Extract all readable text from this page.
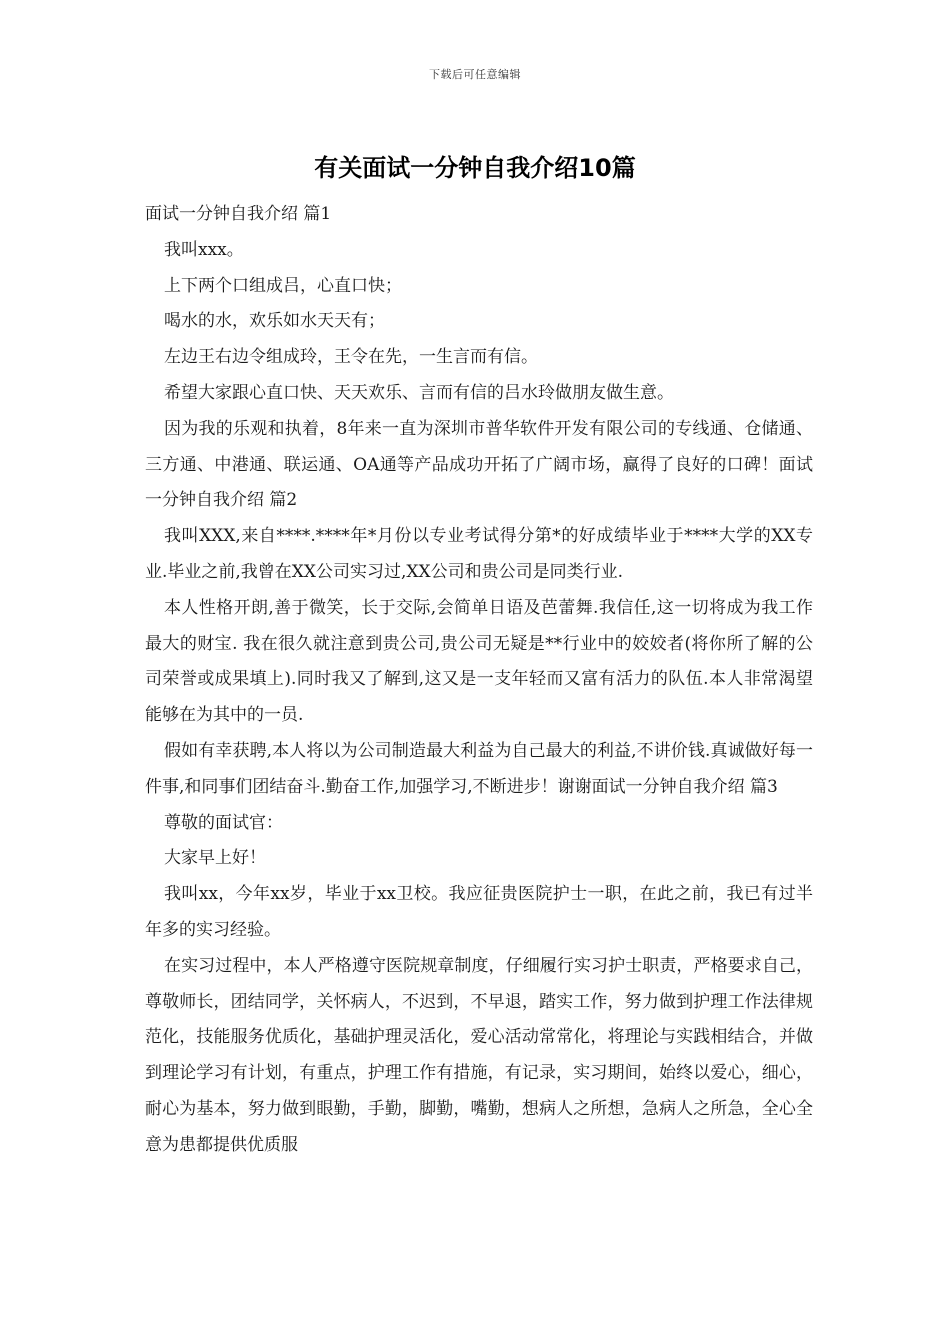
下载后可任意编辑
有关面试一分钟自我介绍10篇

面试一分钟自我介绍 篇1

我叫xxx。

上下两个口组成吕，心直口快；

喝水的水，欢乐如水天天有；

左边王右边令组成玲，王令在先，一生言而有信。

希望大家跟心直口快、天天欢乐、言而有信的吕水玲做朋友做生意。

因为我的乐观和执着，8年来一直为深圳市普华软件开发有限公司的专线通、仓储通、三方通、中港通、联运通、OA通等产品成功开拓了广阔市场，赢得了良好的口碑！面试一分钟自我介绍 篇2

我叫XXX,来自****.****年*月份以专业考试得分第*的好成绩毕业于****大学的XX专业.毕业之前,我曾在XX公司实习过,XX公司和贵公司是同类行业.

本人性格开朗,善于微笑，长于交际,会简单日语及芭蕾舞.我信任,这一切将成为我工作最大的财宝. 我在很久就注意到贵公司,贵公司无疑是**行业中的姣姣者(将你所了解的公司荣誉或成果填上).同时我又了解到,这又是一支年轻而又富有活力的队伍.本人非常渴望能够在为其中的一员.

假如有幸获聘,本人将以为公司制造最大利益为自己最大的利益,不讲价钱.真诚做好每一件事,和同事们团结奋斗.勤奋工作,加强学习,不断进步！谢谢面试一分钟自我介绍 篇3

尊敬的面试官：

大家早上好！

我叫xx，今年xx岁，毕业于xx卫校。我应征贵医院护士一职，在此之前，我已有过半年多的实习经验。

在实习过程中，本人严格遵守医院规章制度，仔细履行实习护士职责，严格要求自己，尊敬师长，团结同学，关怀病人，不迟到，不早退，踏实工作，努力做到护理工作法律规范化，技能服务优质化，基础护理灵活化，爱心活动常常化，将理论与实践相结合，并做到理论学习有计划，有重点，护理工作有措施，有记录，实习期间，始终以爱心，细心，耐心为基本，努力做到眼勤，手勤，脚勤，嘴勤，想病人之所想，急病人之所急，全心全意为患都提供优质服
